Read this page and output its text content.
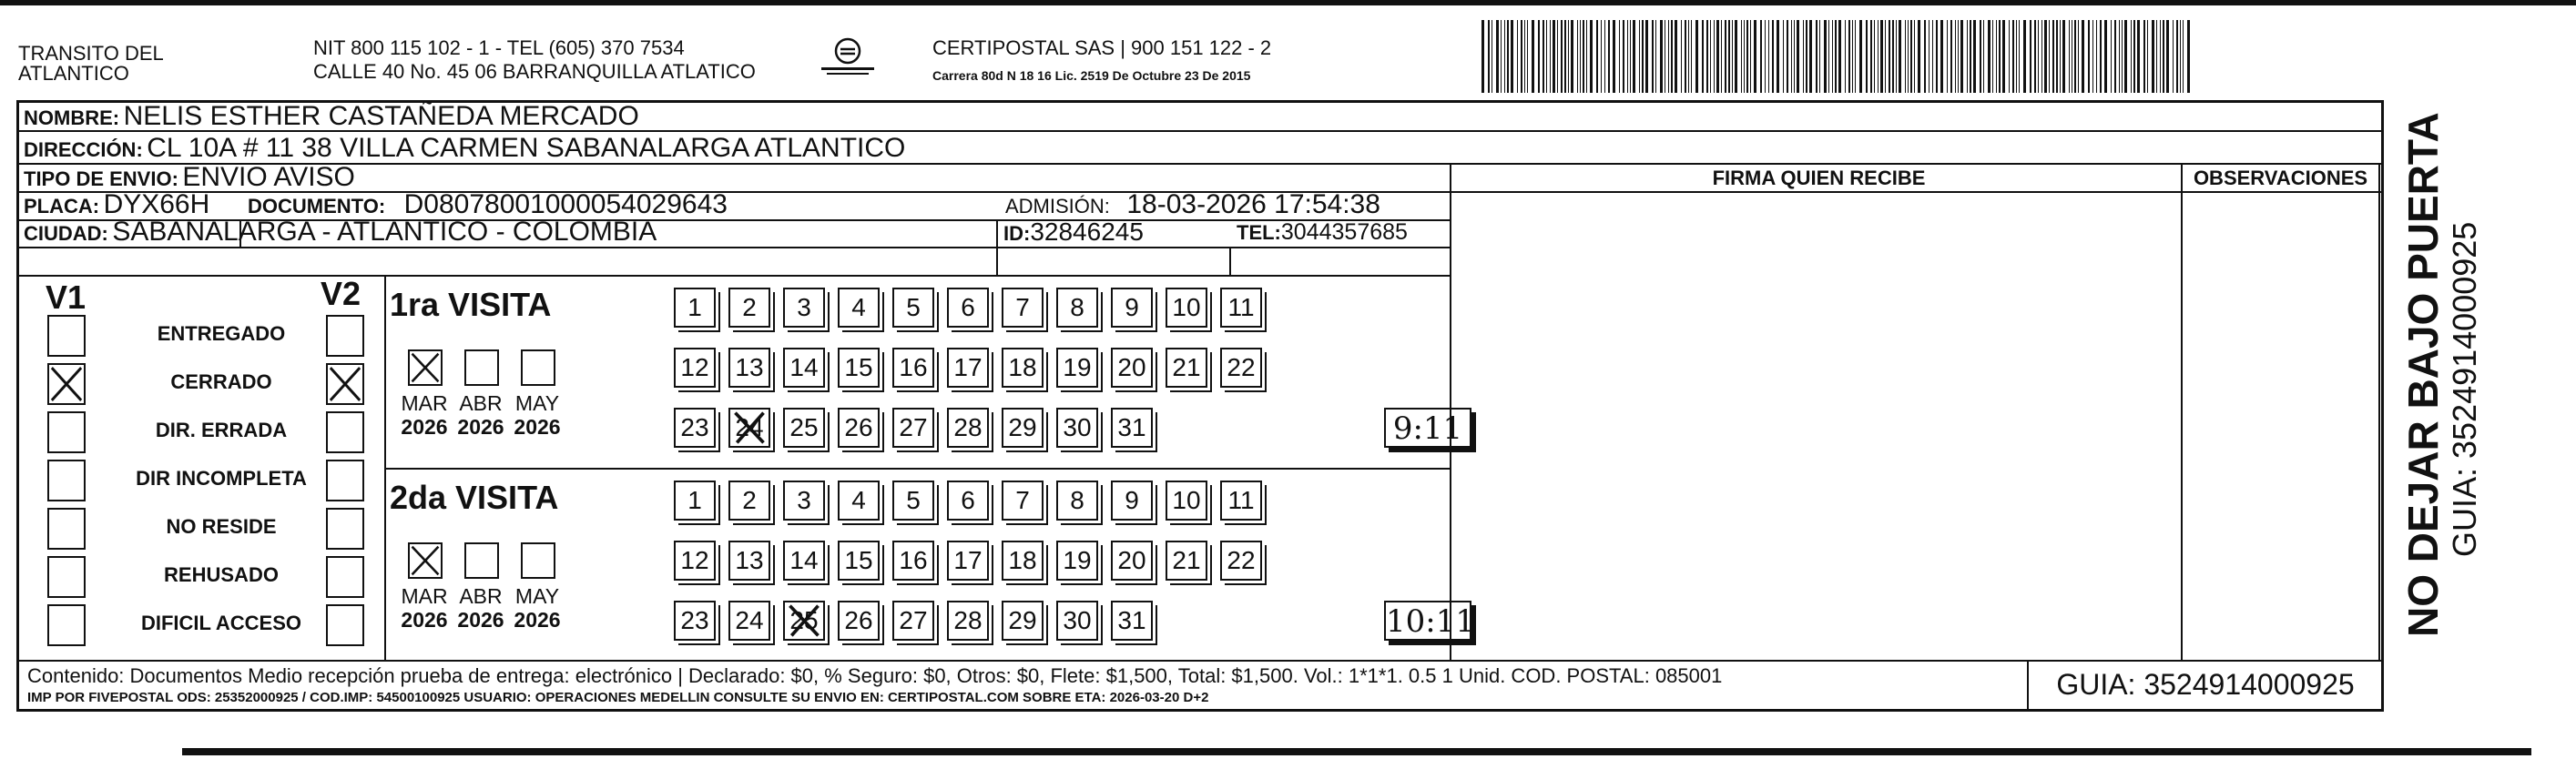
TRANSITO DEL
ATLANTICO
NIT 800 115 102 - 1 - TEL (605) 370 7534
CALLE 40 No. 45 06 BARRANQUILLA ATLATICO
CERTIPOSTAL SAS | 900 151 122 - 2
Carrera 80d N 18 16 Lic. 2519 De Octubre 23 De 2015
NOMBRE: NELIS ESTHER CASTAÑEDA MERCADO
DIRECCIÓN: CL 10A # 11 38 VILLA CARMEN SABANALARGA ATLANTICO
TIPO DE ENVIO: ENVIO AVISO	FIRMA QUIEN RECIBE	OBSERVACIONES
PLACA: DYX66H DOCUMENTO: D08078001000054029643	ADMISIÓN: 18-03-2026 17:54:38
CIUDAD: SABANALARGA - ATLANTICO - COLOMBIA	ID:32846245	TEL:3044357685
V1	V2
ENTREGADO
CERRADO
DIR. ERRADA
DIR INCOMPLETA
NO RESIDE
REHUSADO
DIFICIL ACCESO
1ra VISITA
MAR
2026
ABR
2026
MAY
2026
1	2	3	4	5	6	7	8	9	10	11
12 13 14 15 16 17 18 19 20 21 22
23 24 25 26 27 28 29 30 31	9:11
2da VISITA
MAR
2026
ABR
2026
MAY
2026
1	2	3	4	5	6	7	8	9	10	11
12 13 14 15 16 17 18 19 20 21 22
23 24 25 26 27 28 29 30 31	10:11
Contenido: Documentos Medio recepción prueba de entrega: electrónico | Declarado: $0, % Seguro: $0, Otros: $0, Flete: $1,500, Total: $1,500. Vol.: 1*1*1. 0.5 1 Unid. COD. POSTAL: 085001
IMP POR FIVEPOSTAL ODS: 25352000925 / COD.IMP: 54500100925 USUARIO: OPERACIONES MEDELLIN CONSULTE SU ENVIO EN: CERTIPOSTAL.COM SOBRE ETA: 2026-03-20 D+2	GUIA: 3524914000925
NO DEJAR BAJO PUERTA GUIA: 3524914000925
